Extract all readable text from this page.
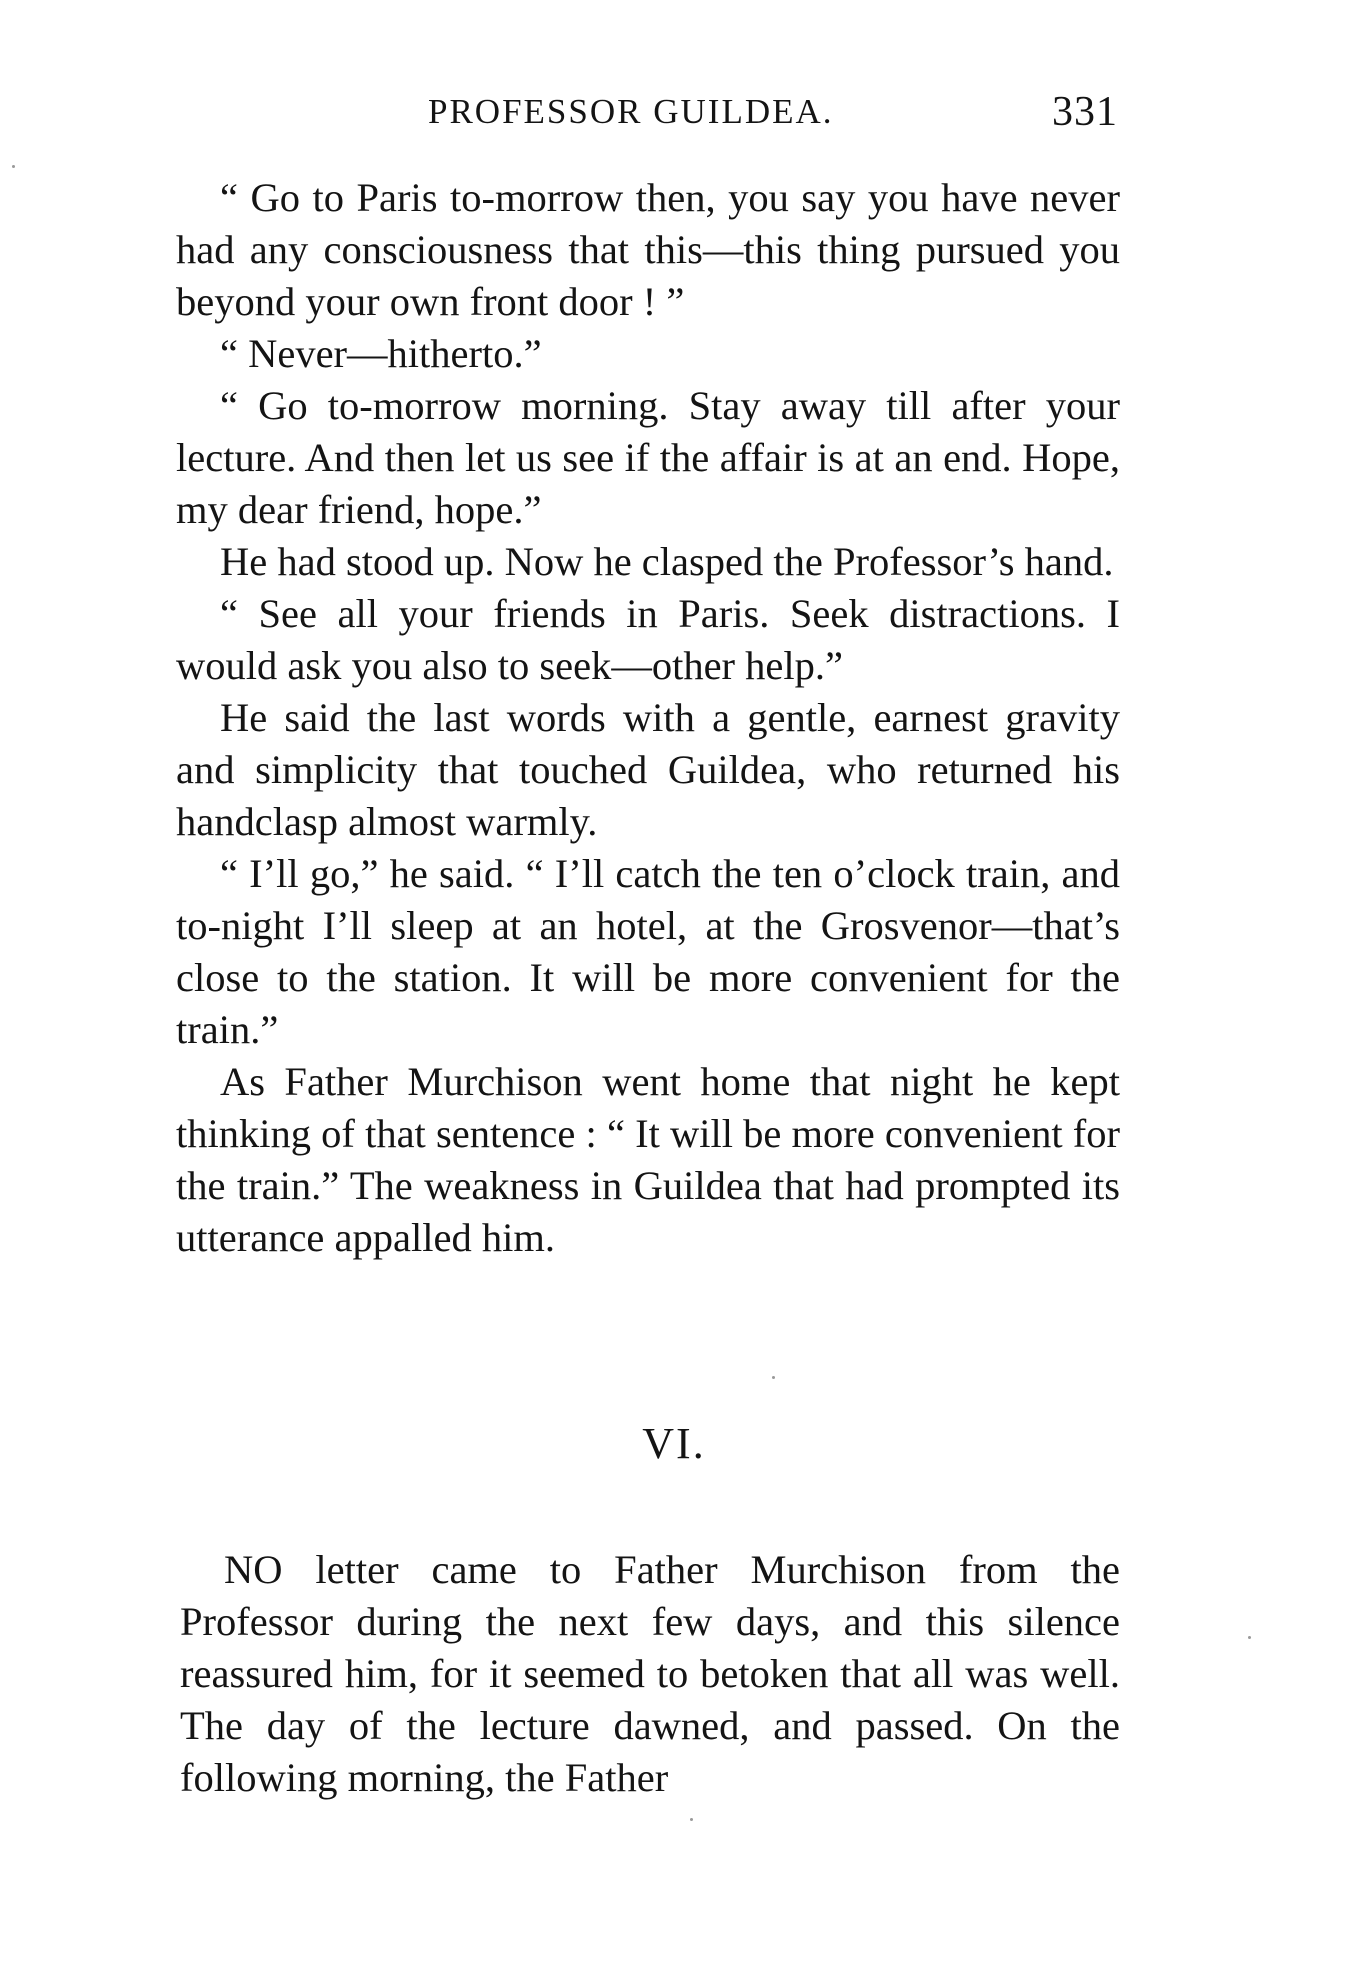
PROFESSOR GUILDEA.	331

“ Go to Paris to-morrow then, you say you have never had any consciousness that this—this thing pursued you beyond your own front door ! ”

“ Never—hitherto.”

“ Go to-morrow morning. Stay away till after your lecture. And then let us see if the affair is at an end. Hope, my dear friend, hope.”

He had stood up. Now he clasped the Professor’s hand.

“ See all your friends in Paris. Seek distractions. I would ask you also to seek—other help.”

He said the last words with a gentle, earnest gravity and simplicity that touched Guildea, who returned his handclasp almost warmly.

“ I’ll go,” he said. “ I’ll catch the ten o’clock train, and to-night I’ll sleep at an hotel, at the Grosvenor—that’s close to the station. It will be more convenient for the train.”

As Father Murchison went home that night he kept thinking of that sentence : “ It will be more convenient for the train.” The weakness in Guildea that had prompted its utterance appalled him.

VI.

NO letter came to Father Murchison from the Professor during the next few days, and this silence reassured him, for it seemed to betoken that all was well. The day of the lecture dawned, and passed. On the following morning, the Father
